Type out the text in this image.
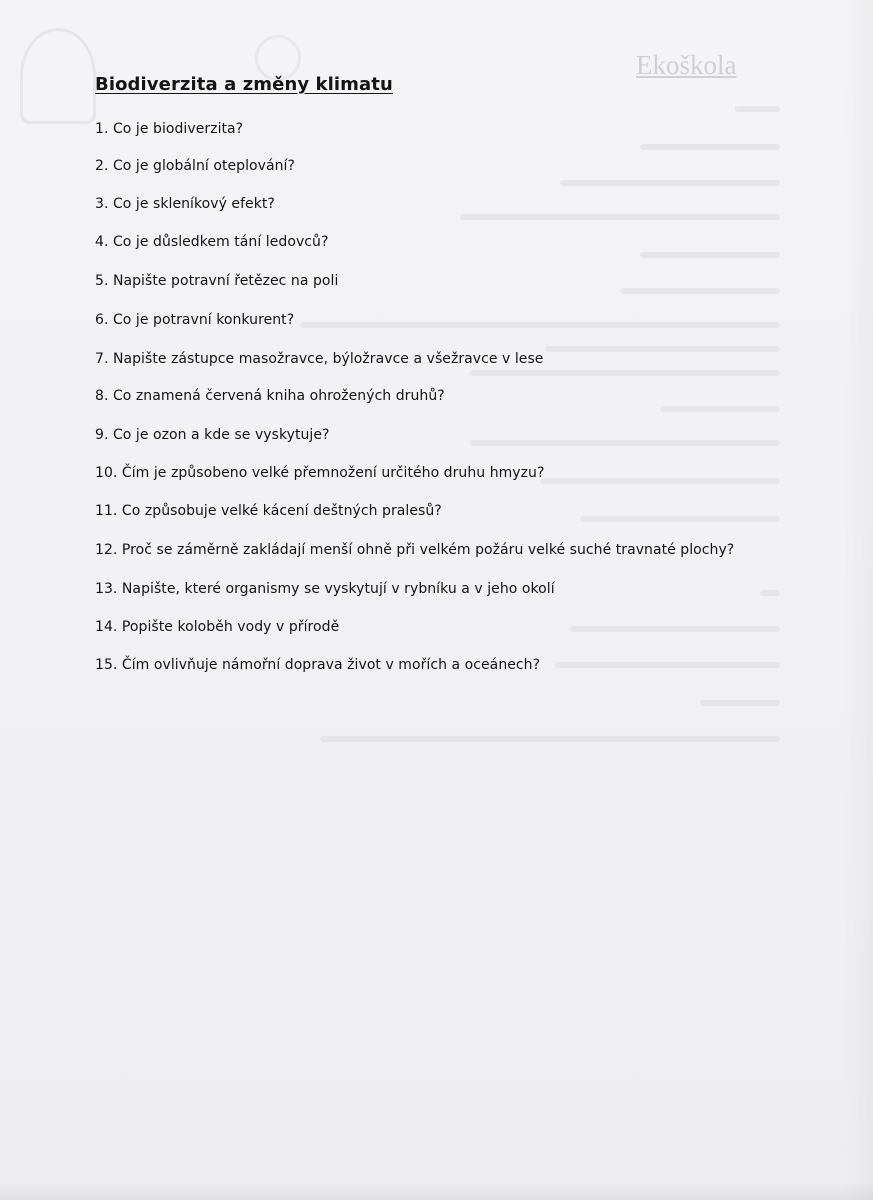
Ekoškola
Biodiverzita a změny klimatu
1. Co je biodiverzita?
2. Co je globální oteplování?
3. Co je skleníkový efekt?
4. Co je důsledkem tání ledovců?
5. Napište potravní řetězec na poli
6. Co je potravní konkurent?
7. Napište zástupce masožravce, býložravce a všežravce v lese
8. Co znamená červená kniha ohrožených druhů?
9. Co je ozon a kde se vyskytuje?
10. Čím je způsobeno velké přemnožení určitého druhu hmyzu?
11. Co způsobuje velké kácení deštných pralesů?
12. Proč se záměrně zakládají menší ohně při velkém požáru velké suché travnaté plochy?
13. Napište, které organismy se vyskytují v rybníku a v jeho okolí
14. Popište koloběh vody v přírodě
15. Čím ovlivňuje námořní doprava život v mořích a oceánech?
